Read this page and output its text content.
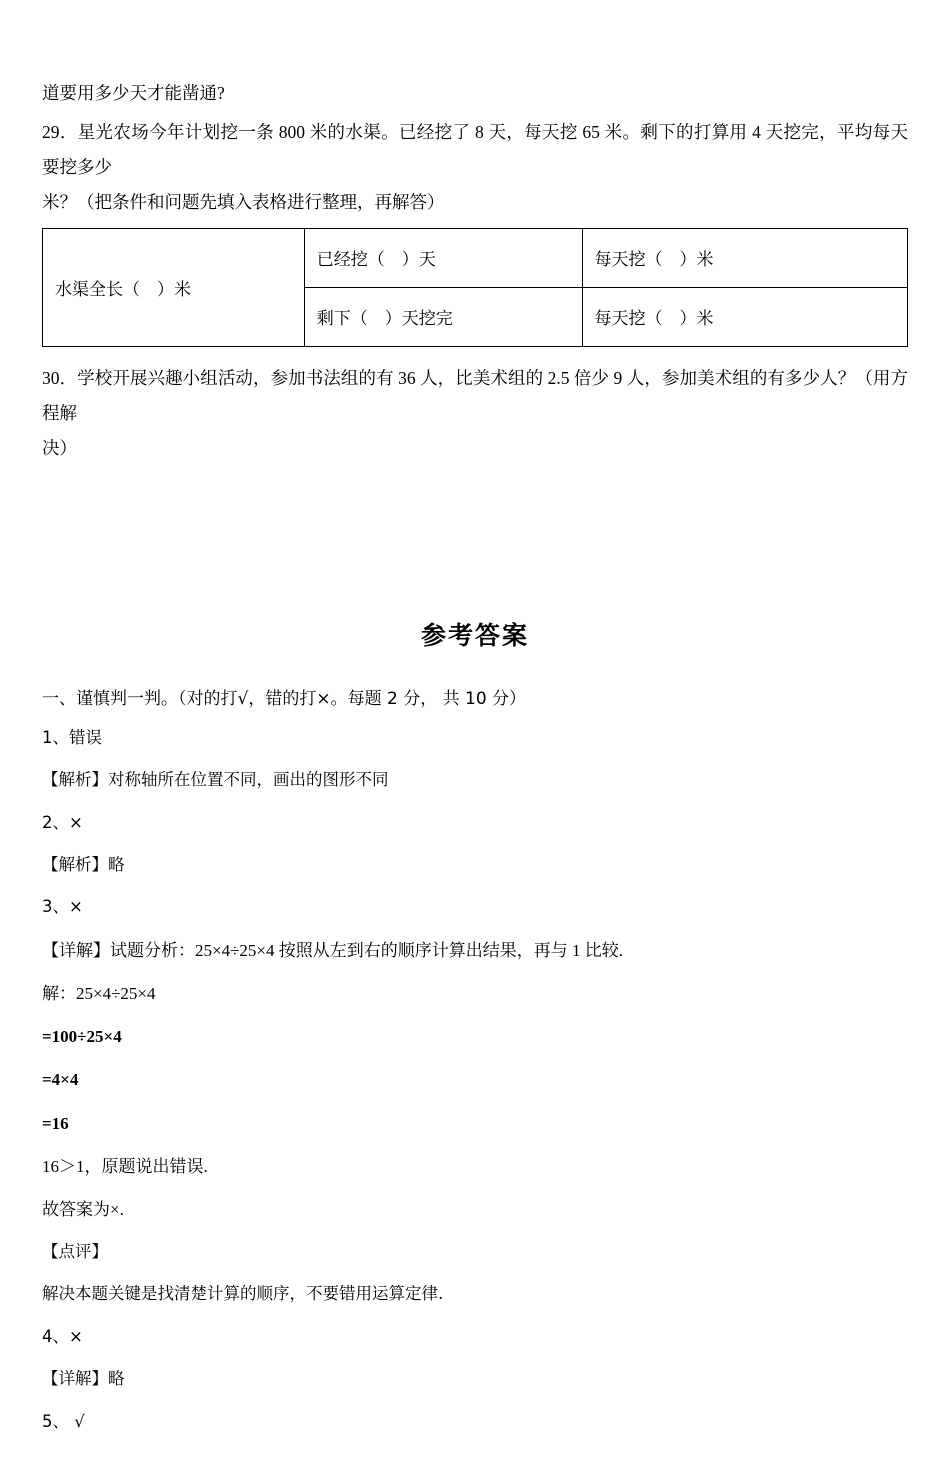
道要用多少天才能凿通?
29．星光农场今年计划挖一条 800 米的水渠。已经挖了 8 天，每天挖 65 米。剩下的打算用 4 天挖完，平均每天要挖多少
米？（把条件和问题先填入表格进行整理，再解答）
水渠全长（　）米	已经挖（　）天	每天挖（　）米
	剩下（　）天挖完	每天挖（　）米
30．学校开展兴趣小组活动，参加书法组的有 36 人，比美术组的 2.5 倍少 9 人，参加美术组的有多少人？（用方程解
决）
参考答案
一、谨慎判一判。（对的打√，错的打×。每题 2 分， 共 10 分）
1、错误
【解析】对称轴所在位置不同，画出的图形不同
2、×
【解析】略
3、×
【详解】试题分析：25×4÷25×4 按照从左到右的顺序计算出结果，再与 1 比较.
解：25×4÷25×4
=100÷25×4
=4×4
=16
16＞1，原题说出错误.
故答案为×.
【点评】
解决本题关键是找清楚计算的顺序，不要错用运算定律.
4、×
【详解】略
5、 √
